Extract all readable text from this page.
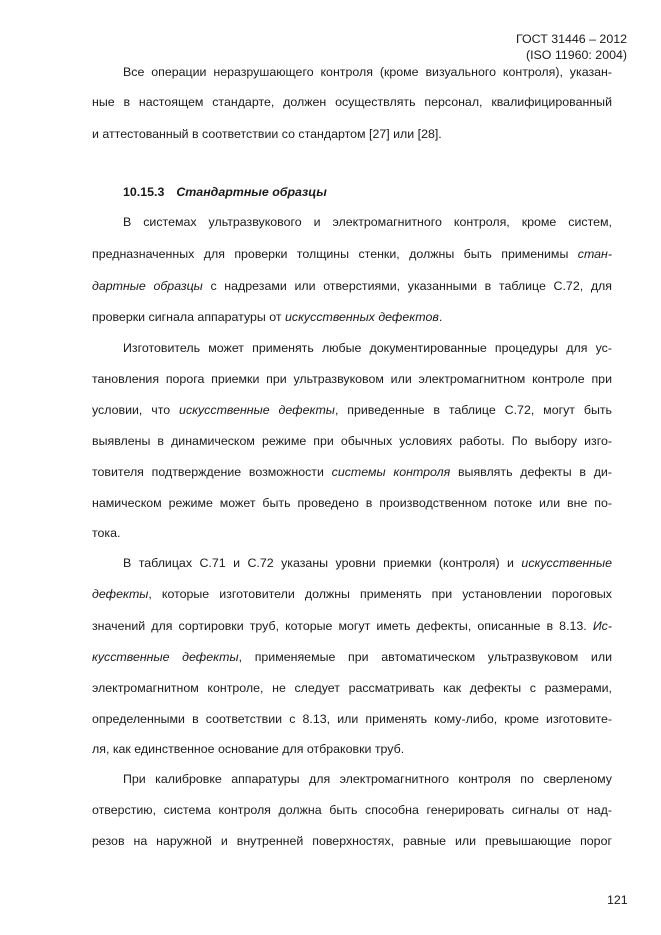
ГОСТ 31446 – 2012
(ISO 11960: 2004)
Все операции неразрушающего контроля (кроме визуального контроля), указан-
ные в настоящем стандарте, должен осуществлять персонал, квалифицированный
и аттестованный в соответствии со стандартом [27] или [28].
10.15.3 Стандартные образцы
В системах ультразвукового и электромагнитного контроля, кроме систем,
предназначенных для проверки толщины стенки, должны быть применимы стан-
дартные образцы с надрезами или отверстиями, указанными в таблице С.72, для
проверки сигнала аппаратуры от искусственных дефектов.
Изготовитель может применять любые документированные процедуры для ус-
тановления порога приемки при ультразвуковом или электромагнитном контроле при
условии, что искусственные дефекты, приведенные в таблице С.72, могут быть
выявлены в динамическом режиме при обычных условиях работы. По выбору изго-
товителя подтверждение возможности системы контроля выявлять дефекты в ди-
намическом режиме может быть проведено в производственном потоке или вне по-
тока.
В таблицах С.71 и С.72 указаны уровни приемки (контроля) и искусственные
дефекты, которые изготовители должны применять при установлении пороговых
значений для сортировки труб, которые могут иметь дефекты, описанные в 8.13. Ис-
кусственные дефекты, применяемые при автоматическом ультразвуковом или
электромагнитном контроле, не следует рассматривать как дефекты с размерами,
определенными в соответствии с 8.13, или применять кому-либо, кроме изготовите-
ля, как единственное основание для отбраковки труб.
При калибровке аппаратуры для электромагнитного контроля по сверленому
отверстию, система контроля должна быть способна генерировать сигналы от над-
резов на наружной и внутренней поверхностях, равные или превышающие порог
121
